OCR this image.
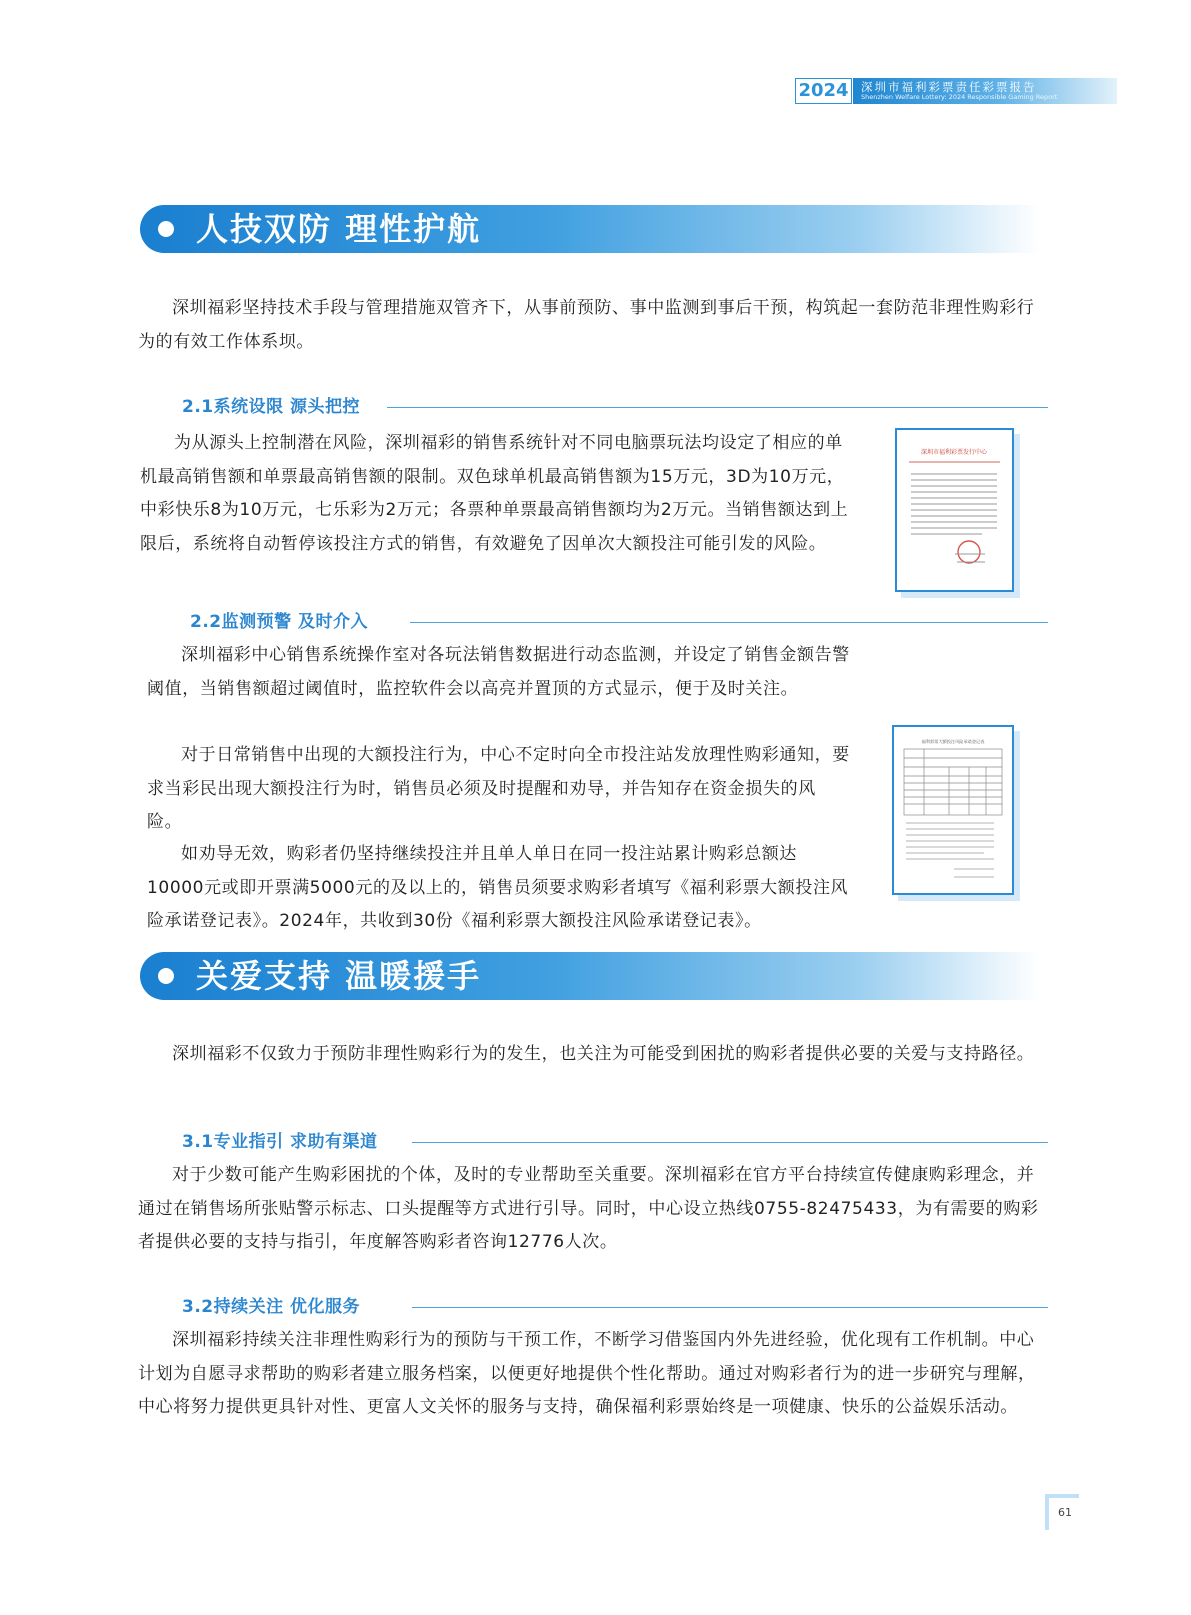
2024	深圳市福利彩票责任彩票报告
Shenzhen Welfare Lottery: 2024 Responsible Gaming Report
人技双防 理性护航

深圳福彩坚持技术手段与管理措施双管齐下，从事前预防、事中监测到事后干预，构筑起一套防范非理性购彩行为的有效工作体系坝。

2.1系统设限 源头把控

为从源头上控制潜在风险，深圳福彩的销售系统针对不同电脑票玩法均设定了相应的单机最高销售额和单票最高销售额的限制。双色球单机最高销售额为15万元，3D为10万元，中彩快乐8为10万元，七乐彩为2万元；各票种单票最高销售额均为2万元。当销售额达到上限后，系统将自动暂停该投注方式的销售，有效避免了因单次大额投注可能引发的风险。

深圳市福利彩票发行中心
2.2监测预警 及时介入

深圳福彩中心销售系统操作室对各玩法销售数据进行动态监测，并设定了销售金额告警阈值，当销售额超过阈值时，监控软件会以高亮并置顶的方式显示，便于及时关注。

对于日常销售中出现的大额投注行为，中心不定时向全市投注站发放理性购彩通知，要求当彩民出现大额投注行为时，销售员必须及时提醒和劝导，并告知存在资金损失的风险。

如劝导无效，购彩者仍坚持继续投注并且单人单日在同一投注站累计购彩总额达10000元或即开票满5000元的及以上的，销售员须要求购彩者填写《福利彩票大额投注风险承诺登记表》。2024年，共收到30份《福利彩票大额投注风险承诺登记表》。

福利彩票大额投注风险承诺登记表
关爱支持 温暖援手

深圳福彩不仅致力于预防非理性购彩行为的发生，也关注为可能受到困扰的购彩者提供必要的关爱与支持路径。

3.1专业指引 求助有渠道

对于少数可能产生购彩困扰的个体，及时的专业帮助至关重要。深圳福彩在官方平台持续宣传健康购彩理念，并通过在销售场所张贴警示标志、口头提醒等方式进行引导。同时，中心设立热线0755-82475433，为有需要的购彩者提供必要的支持与指引，年度解答购彩者咨询12776人次。

3.2持续关注 优化服务

深圳福彩持续关注非理性购彩行为的预防与干预工作，不断学习借鉴国内外先进经验，优化现有工作机制。中心计划为自愿寻求帮助的购彩者建立服务档案，以便更好地提供个性化帮助。通过对购彩者行为的进一步研究与理解，中心将努力提供更具针对性、更富人文关怀的服务与支持，确保福利彩票始终是一项健康、快乐的公益娱乐活动。

61
